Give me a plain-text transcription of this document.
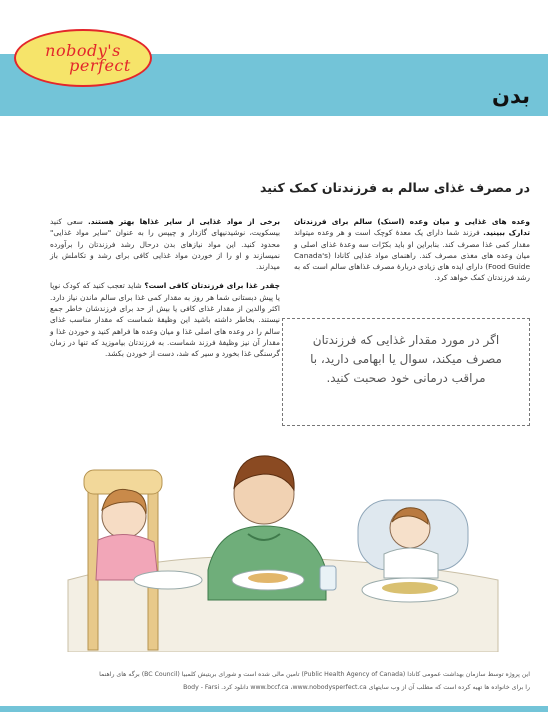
بدن
nobody's
perfect
در مصرف غذای سالم به فرزندتان کمک کنید

وعده های غذایی و میان وعده (اسنک) سالم برای فرزندتان تدارک ببینید. فرزند شما دارای یک معدهٔ کوچک است و هر وعده میتواند مقدار کمی غذا مصرف کند. بنابراین او باید بکرّات سه وعدهٔ غذای اصلی و میان وعده های مغذی مصرف کند. راهنمای مواد غذایی کانادا (Canada's Food Guide) دارای ایده های زیادی دربارهٔ مصرف غذاهای سالم است که به رشد فرزندتان کمک خواهد کرد.

اگر در مورد مقدار غذایی که فرزندتان مصرف میکند، سوال یا ابهامی دارید، با مراقب درمانی خود صحبت کنید.

برخی از مواد غذایی از سایر غذاها بهتر هستند. سعی کنید بیسکویت، نوشیدنیهای گازدار و چیپس را به عنوان "سایر مواد غذایی" محدود کنید. این مواد نیازهای بدن درحال رشد فرزندتان را برآورده نمیسازند و او را از خوردن مواد غذایی کافی برای رشد و تکاملش باز میدارند.

چقدر غذا برای فرزندتان کافی است؟ شاید تعجب کنید که کودک نوپا یا پیش دبستانی شما هر روز به مقدار کمی غذا برای سالم ماندن نیاز دارد. اکثر والدین از مقدار غذای کافی یا بیش از حد برای فرزندشان خاطر جمع نیستند. بخاطر داشته باشید این وظیفهٔ شماست که مقدار مناسب غذای سالم را در وعده های اصلی غذا و میان وعده ها فراهم کنید و خوردن غذا و مقدار آن نیز وظیفهٔ فرزند شماست. به فرزندتان بیاموزید که تنها در زمان گرسنگی غذا بخورد و سیر که شد، دست از خوردن بکشد.

این پروژه توسط سازمان بهداشت عمومی کانادا (Public Health Agency of Canada) تامین مالی شده است و شورای بریتیش کلمبیا (BC Council) برگه های راهنما
را برای خانواده ها تهیه کرده است که مطلب آن از وب سایتهای www.bccf.ca ،www.nobodysperfect.ca دانلود کرد. Body - Farsi
